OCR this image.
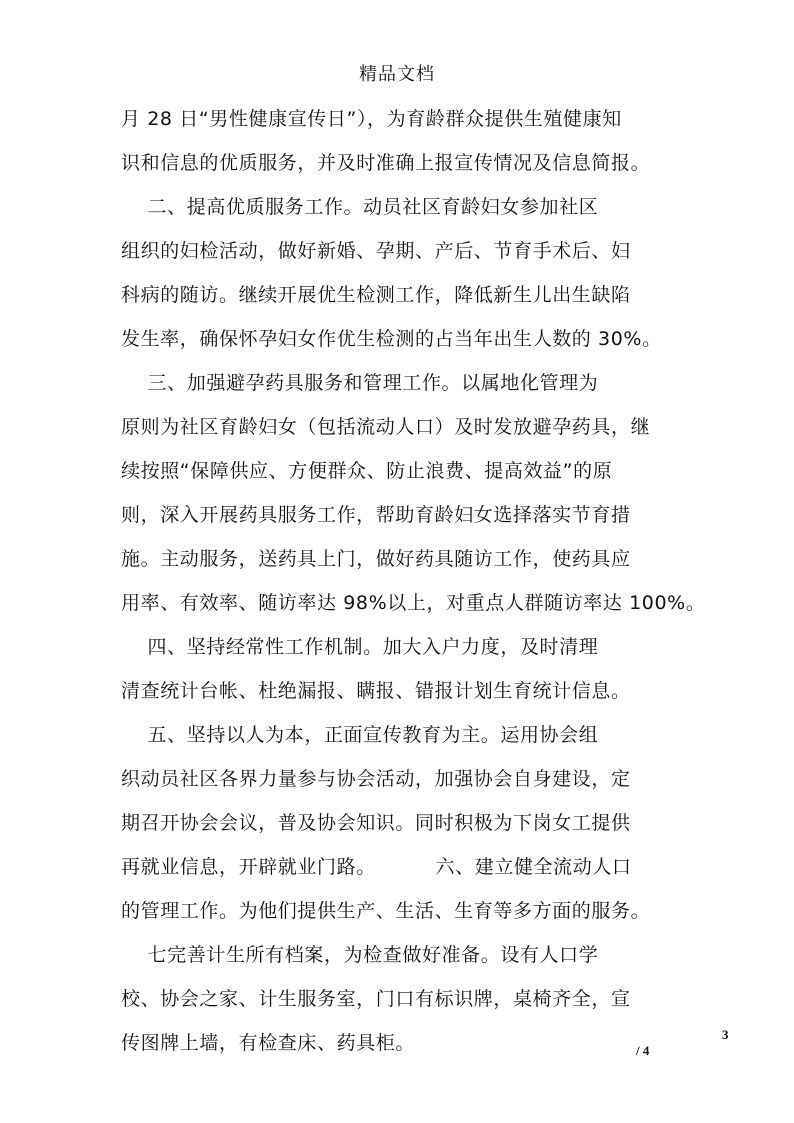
精品文档
月 28 日“男性健康宣传日”），为育龄群众提供生殖健康知
识和信息的优质服务，并及时准确上报宣传情况及信息简报。
二、提高优质服务工作。动员社区育龄妇女参加社区
组织的妇检活动，做好新婚、孕期、产后、节育手术后、妇
科病的随访。继续开展优生检测工作，降低新生儿出生缺陷
发生率，确保怀孕妇女作优生检测的占当年出生人数的 30%。
三、加强避孕药具服务和管理工作。以属地化管理为
原则为社区育龄妇女（包括流动人口）及时发放避孕药具，继
续按照“保障供应、方便群众、防止浪费、提高效益”的原
则，深入开展药具服务工作，帮助育龄妇女选择落实节育措
施。主动服务，送药具上门，做好药具随访工作，使药具应
用率、有效率、随访率达 98%以上，对重点人群随访率达 100%。
四、坚持经常性工作机制。加大入户力度，及时清理
清查统计台帐、杜绝漏报、瞒报、错报计划生育统计信息。
五、坚持以人为本，正面宣传教育为主。运用协会组
织动员社区各界力量参与协会活动，加强协会自身建设，定
期召开协会会议，普及协会知识。同时积极为下岗女工提供
再就业信息，开辟就业门路。         六、建立健全流动人口
的管理工作。为他们提供生产、生活、生育等多方面的服务。
七完善计生所有档案，为检查做好准备。设有人口学
校、协会之家、计生服务室，门口有标识牌，桌椅齐全，宣
传图牌上墙，有检查床、药具柜。	3
/ 4
